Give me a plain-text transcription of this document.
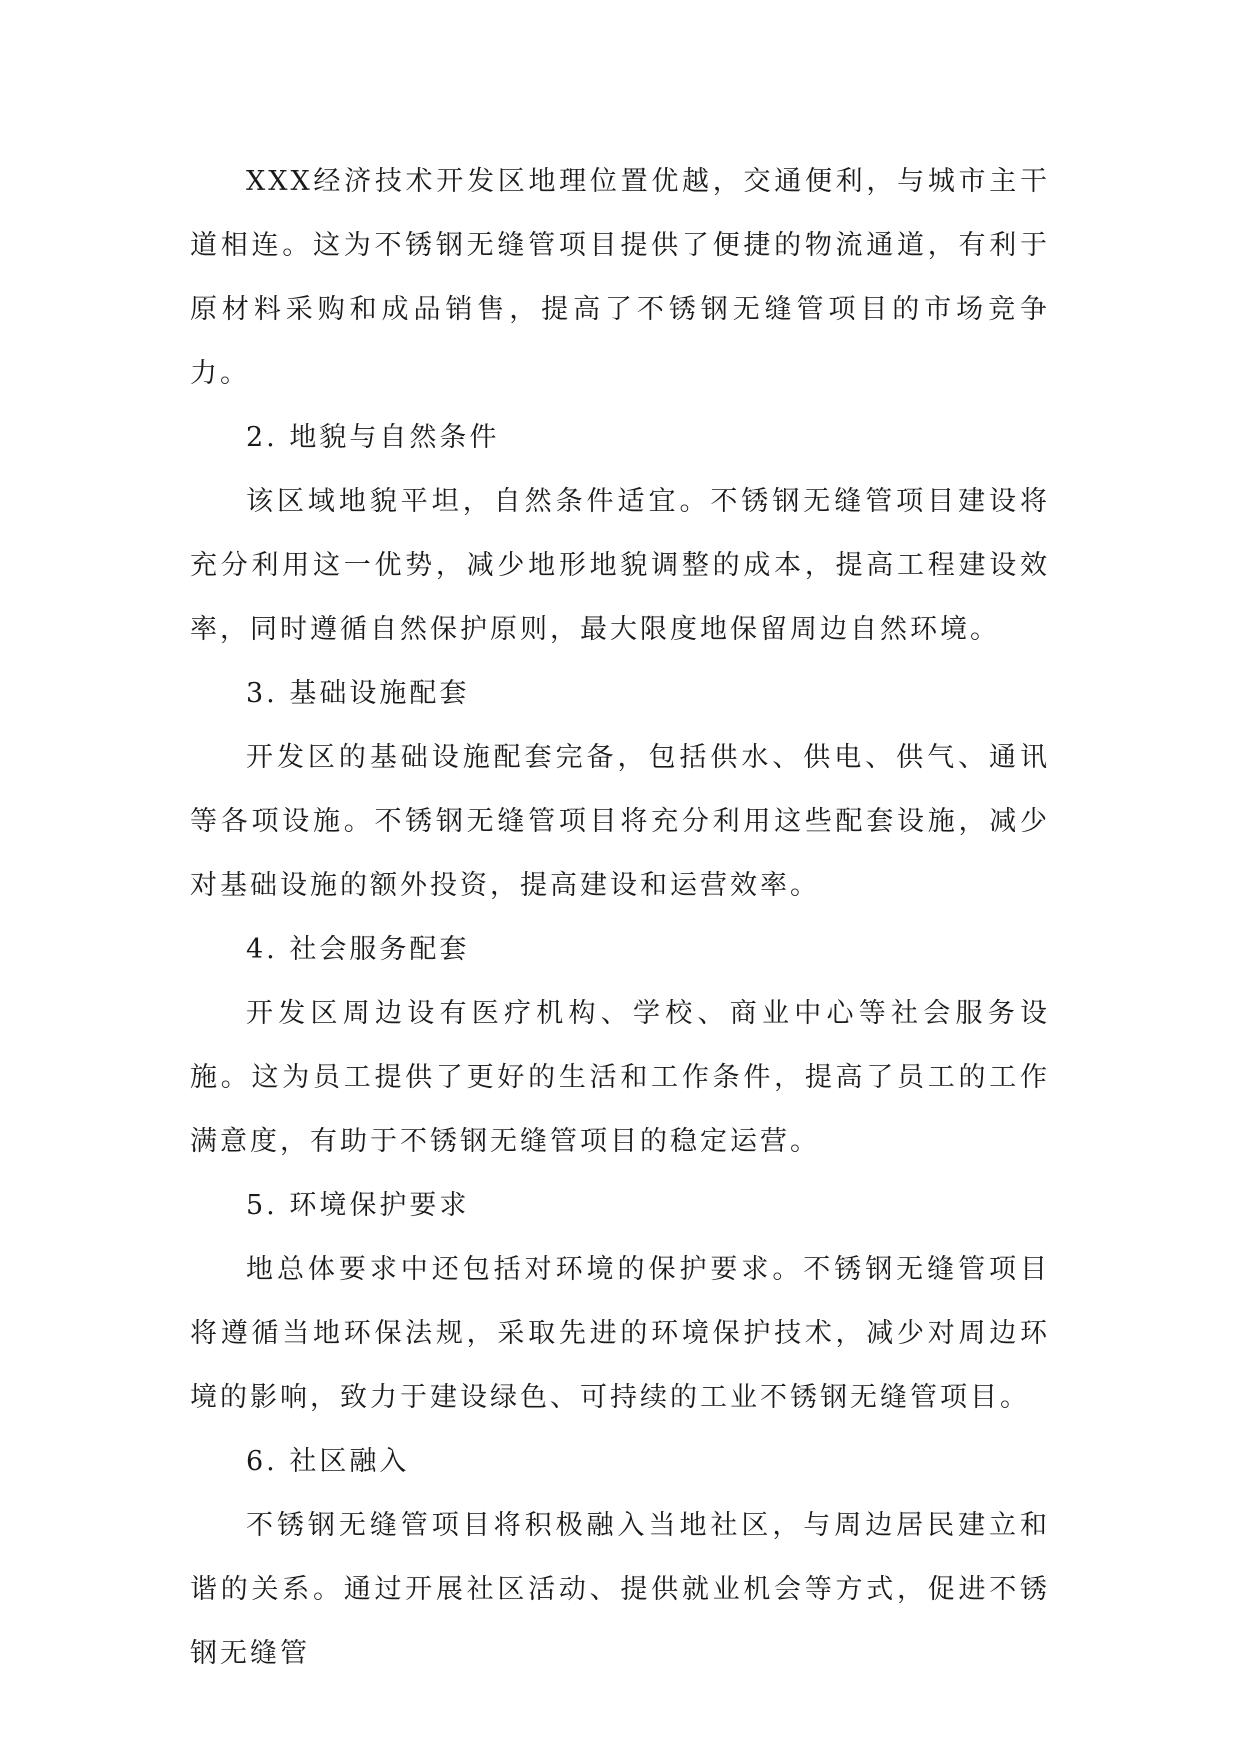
XXX经济技术开发区地理位置优越，交通便利，与城市主干道相连。这为不锈钢无缝管项目提供了便捷的物流通道，有利于原材料采购和成品销售，提高了不锈钢无缝管项目的市场竞争力。

2. 地貌与自然条件

该区域地貌平坦，自然条件适宜。不锈钢无缝管项目建设将充分利用这一优势，减少地形地貌调整的成本，提高工程建设效率，同时遵循自然保护原则，最大限度地保留周边自然环境。

3. 基础设施配套

开发区的基础设施配套完备，包括供水、供电、供气、通讯等各项设施。不锈钢无缝管项目将充分利用这些配套设施，减少对基础设施的额外投资，提高建设和运营效率。

4. 社会服务配套

开发区周边设有医疗机构、学校、商业中心等社会服务设施。这为员工提供了更好的生活和工作条件，提高了员工的工作满意度，有助于不锈钢无缝管项目的稳定运营。

5. 环境保护要求

地总体要求中还包括对环境的保护要求。不锈钢无缝管项目将遵循当地环保法规，采取先进的环境保护技术，减少对周边环境的影响，致力于建设绿色、可持续的工业不锈钢无缝管项目。

6. 社区融入

不锈钢无缝管项目将积极融入当地社区，与周边居民建立和谐的关系。通过开展社区活动、提供就业机会等方式，促进不锈钢无缝管
